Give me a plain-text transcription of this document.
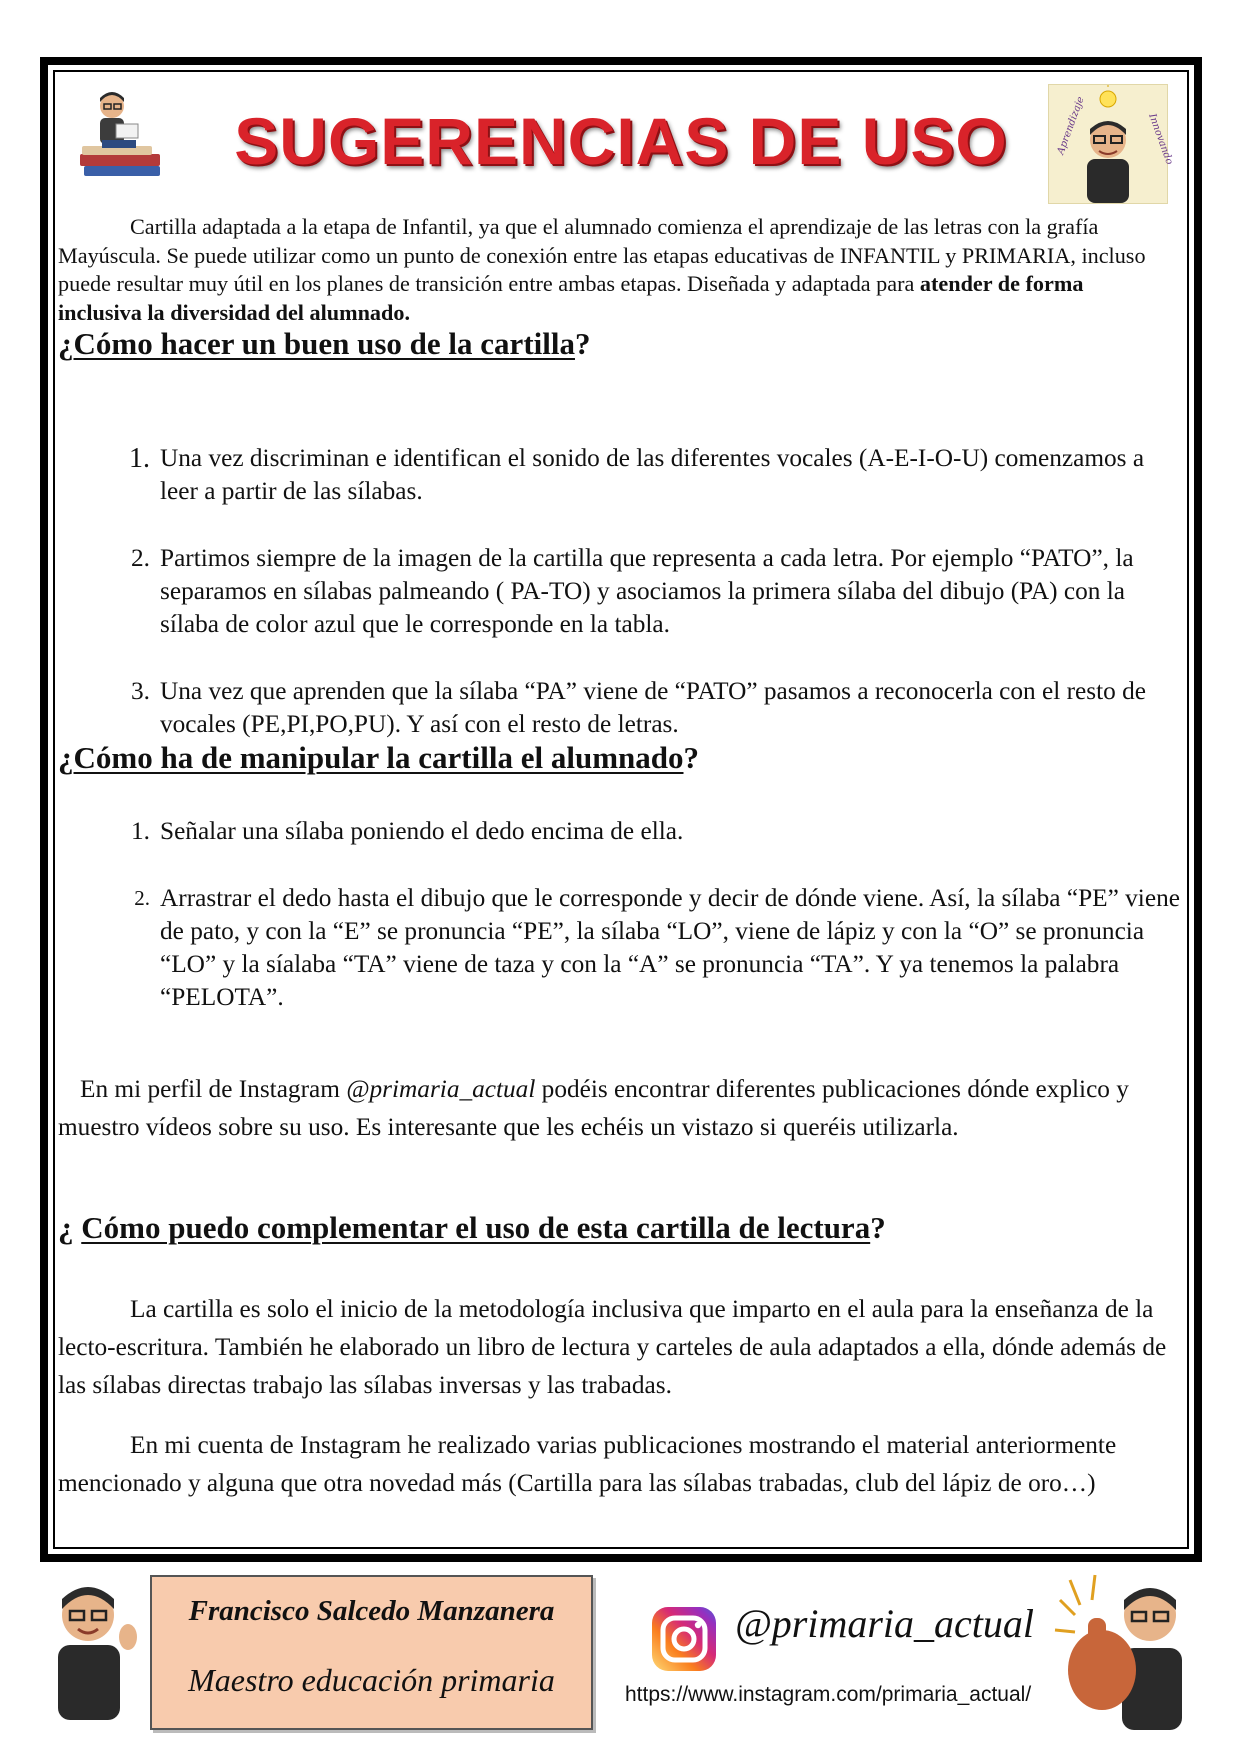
SUGERENCIAS DE USO	Aprendizaje	Innovando
Cartilla adaptada a la etapa de Infantil, ya que el alumnado comienza el aprendizaje de las letras con la grafía Mayúscula. Se puede utilizar como un punto de conexión entre las etapas educativas de INFANTIL y PRIMARIA, incluso puede resultar muy útil en los planes de transición entre ambas etapas. Diseñada y adaptada para atender de forma inclusiva la diversidad del alumnado.
¿Cómo hacer un buen uso de la cartilla?

1. Una vez discriminan e identifican el sonido de las diferentes vocales (A-E-I-O-U) comenzamos a leer a partir de las sílabas.

2. Partimos siempre de la imagen de la cartilla que representa a cada letra. Por ejemplo “PATO”, la separamos en sílabas palmeando ( PA-TO) y asociamos la primera sílaba del dibujo (PA) con la sílaba de color azul que le corresponde en la tabla.

3. Una vez que aprenden que la sílaba “PA” viene de “PATO” pasamos a reconocerla con el resto de vocales (PE,PI,PO,PU). Y así con el resto de letras.

¿Cómo ha de manipular la cartilla el alumnado?

1. Señalar una sílaba poniendo el dedo encima de ella.

2. Arrastrar el dedo hasta el dibujo que le corresponde y decir de dónde viene. Así, la sílaba “PE” viene de pato, y con la “E” se pronuncia “PE”, la sílaba “LO”, viene de lápiz y con la “O” se pronuncia “LO” y la síalaba “TA” viene de taza y con la “A” se pronuncia “TA”. Y ya tenemos la palabra “PELOTA”.

En mi perfil de Instagram @primaria_actual podéis encontrar diferentes publicaciones dónde explico y muestro vídeos sobre su uso. Es interesante que les echéis un vistazo si queréis utilizarla.
¿ Cómo puedo complementar el uso de esta cartilla de lectura?
La cartilla es solo el inicio de la metodología inclusiva que imparto en el aula para la enseñanza de la lecto-escritura. También he elaborado un libro de lectura y carteles de aula adaptados a ella, dónde además de las sílabas directas trabajo las sílabas inversas y las trabadas.
En mi cuenta de Instagram he realizado varias publicaciones mostrando el material anteriormente mencionado y alguna que otra novedad más (Cartilla para las sílabas trabadas, club del lápiz de oro…)
Francisco Salcedo Manzanera
Maestro educación primaria
@primaria_actual
https://www.instagram.com/primaria_actual/
